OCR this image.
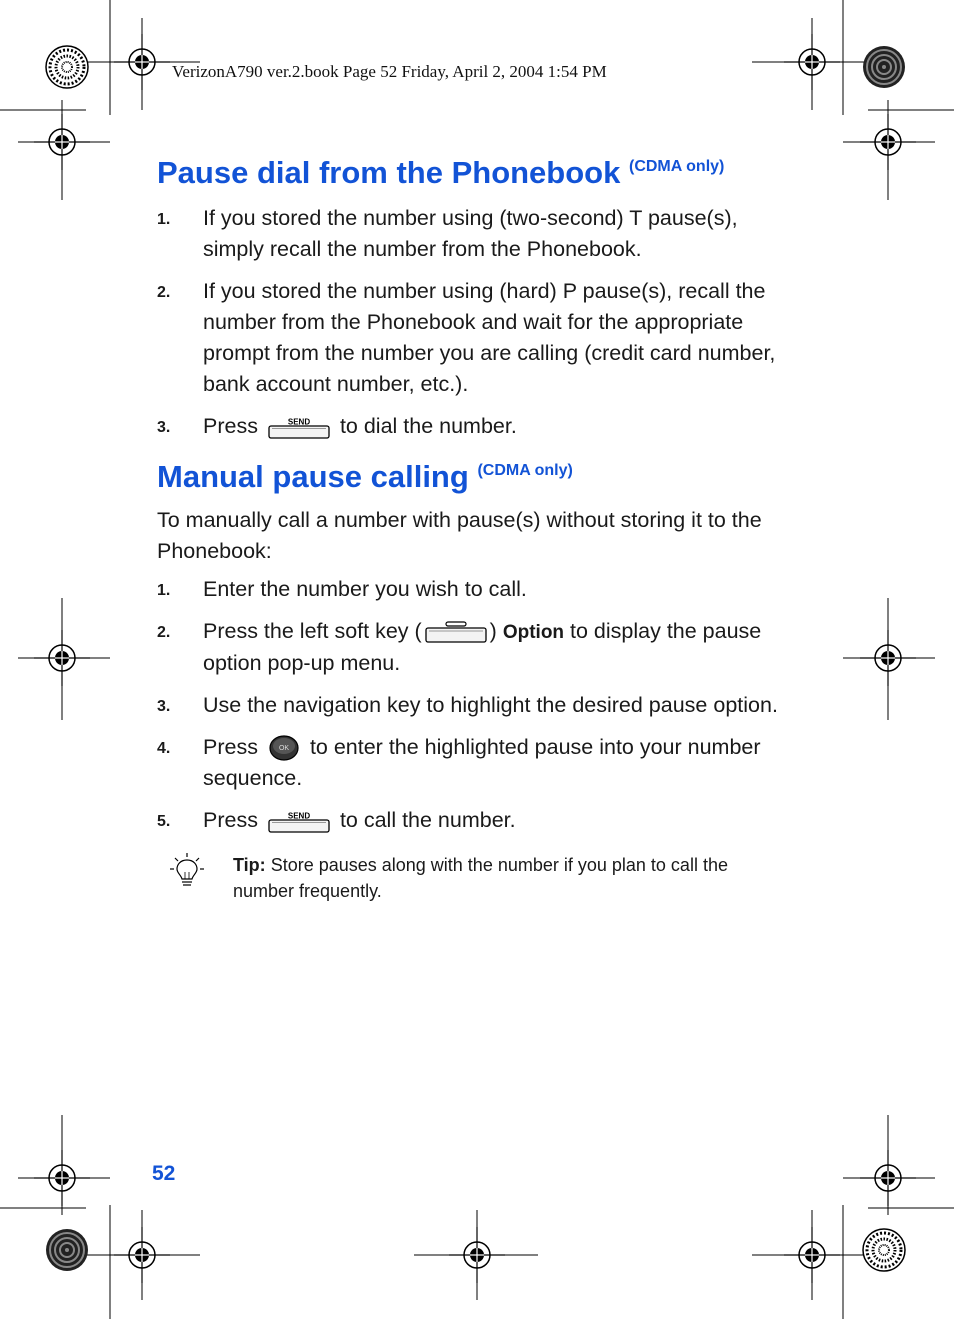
VerizonA790 ver.2.book Page 52 Friday, April 2, 2004 1:54 PM
Pause dial from the Phonebook $^{(CDMA only)}$
1. If you stored the number using (two-second) T pause(s), simply recall the number from the Phonebook.
2. If you stored the number using (hard) P pause(s), recall the number from the Phonebook and wait for the appropriate prompt from the number you are calling (credit card number, bank account number, etc.).
3. Press	SEND to dial the number.
Manual pause calling $^{(CDMA only)}$
To manually call a number with pause(s) without storing it to the Phonebook:
1. Enter the number you wish to call.
2. Press the left soft key (	) Option to display the pause option pop-up menu.
3. Use the navigation key to highlight the desired pause option.
4. Press	OK to enter the highlighted pause into your number sequence.
5. Press	SEND to call the number.
Tip: Store pauses along with the number if you plan to call the number frequently.
52
